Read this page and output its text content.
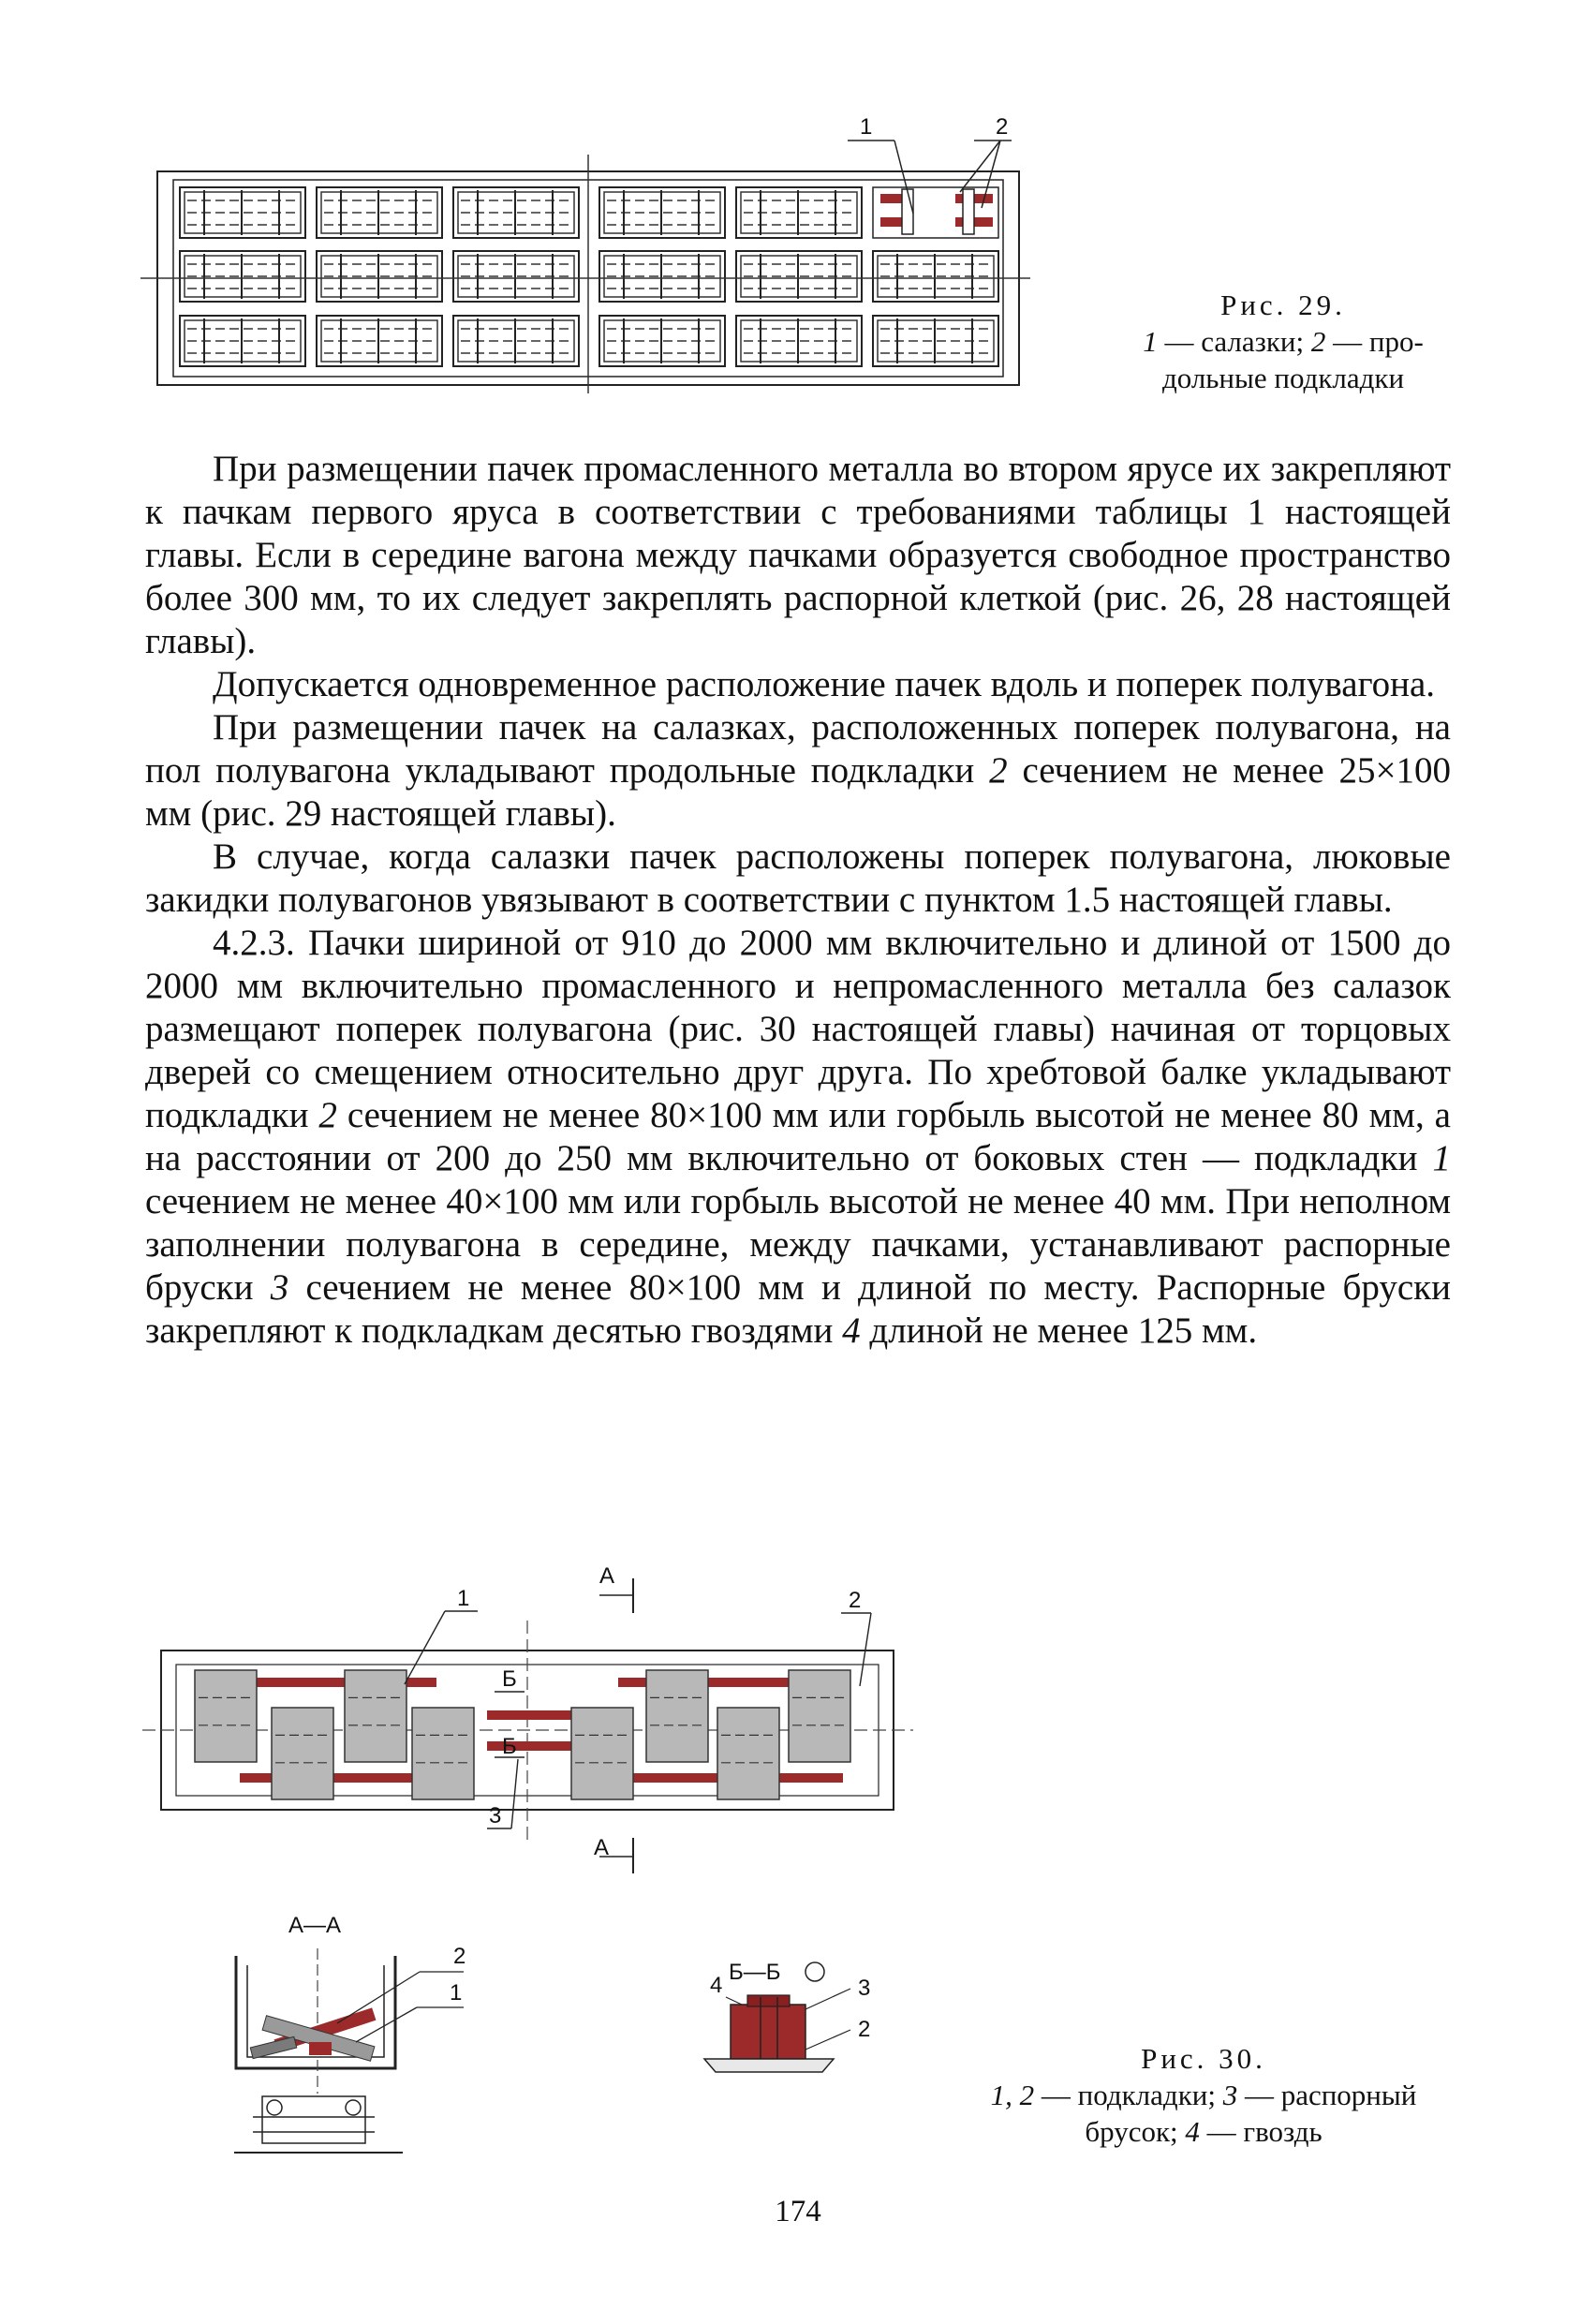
1	2
Рис. 29.
1 — салазки; 2 — про-
дольные подкладки

При размещении пачек промасленного металла во втором ярусе их закрепляют к пачкам первого яруса в соответствии с требованиями таблицы 1 настоящей главы. Если в середине вагона между пачками образуется свободное пространство более 300 мм, то их следует закреплять распорной клеткой (рис. 26, 28 настоящей главы).

Допускается одновременное расположение пачек вдоль и поперек полувагона.

При размещении пачек на салазках, расположенных поперек полувагона, на пол полувагона укладывают продольные подкладки 2 сечением не менее 25×100 мм (рис. 29 настоящей главы).

В случае, когда салазки пачек расположены поперек полувагона, люковые закидки полувагонов увязывают в соответствии с пунктом 1.5 настоящей главы.

4.2.3. Пачки шириной от 910 до 2000 мм включительно и длиной от 1500 до 2000 мм включительно промасленного и непромасленного металла без салазок размещают поперек полувагона (рис. 30 настоящей главы) начиная от торцовых дверей со смещением относительно друг друга. По хребтовой балке укладывают подкладки 2 сечением не менее 80×100 мм или горбыль высотой не менее 80 мм, а на расстоянии от 200 до 250 мм включительно от боковых стен — подкладки 1 сечением не менее 40×100 мм или горбыль высотой не менее 40 мм. При неполном заполнении полувагона в середине, между пачками, устанавливают распорные бруски 3 сечением не менее 80×100 мм и длиной по месту. Распорные бруски закрепляют к подкладкам десятью гвоздями 4 длиной не менее 125 мм.

А
А
Б
Б
1	2
3
А—А
2
1
Б—Б
4	3
2
Рис. 30.
1, 2 — подкладки; 3 — распорный
брусок; 4 — гвоздь
174
